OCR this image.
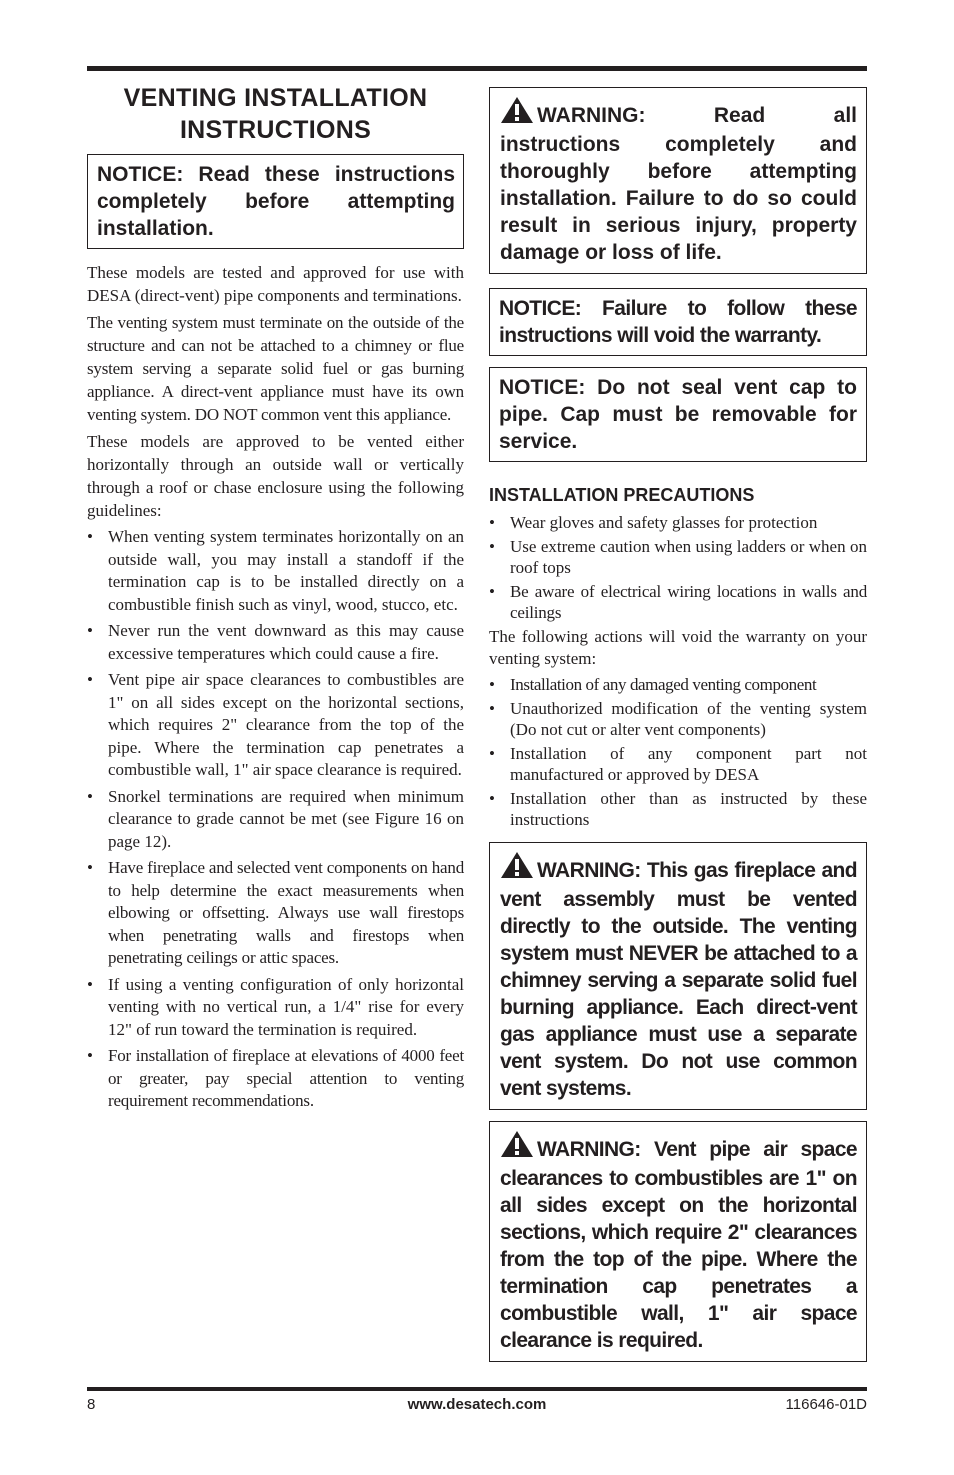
VENTING INSTALLATION INSTRUCTIONS
NOTICE: Read these instructions completely before attempting installation.

These models are tested and approved for use with DESA (direct-vent) pipe components and terminations.

The venting system must terminate on the outside of the structure and can not be attached to a chimney or flue system serving a separate solid fuel or gas burning appliance. A direct-vent appliance must have its own venting system. DO NOT common vent this appliance.

These models are approved to be vented either horizontally through an outside wall or vertically through a roof or chase enclosure using the following guidelines:

• When venting system terminates horizontally on an outside wall, you may install a standoff if the termination cap is to be installed directly on a combustible finish such as vinyl, wood, stucco, etc.
• Never run the vent downward as this may cause excessive temperatures which could cause a fire.
• Vent pipe air space clearances to combustibles are 1" on all sides except on the horizontal sections, which requires 2" clearance from the top of the pipe. Where the termination cap penetrates a combustible wall, 1" air space clearance is required.
• Snorkel terminations are required when minimum clearance to grade cannot be met (see Figure 16 on page 12).
• Have fireplace and selected vent components on hand to help determine the exact measurements when elbowing or offsetting. Always use wall firestops when penetrating walls and firestops when penetrating ceilings or attic spaces.
• If using a venting configuration of only horizontal venting with no vertical run, a 1/4" rise for every 12" of run toward the termination is required.
• For installation of fireplace at elevations of 4000 feet or greater, pay special attention to venting requirement recommendations.
WARNING: Read all instructions completely and thoroughly before attempting installation. Failure to do so could result in serious injury, property damage or loss of life.
NOTICE: Failure to follow these instructions will void the warranty.
NOTICE: Do not seal vent cap to pipe. Cap must be removable for service.
INSTALLATION PRECAUTIONS
• Wear gloves and safety glasses for protection
• Use extreme caution when using ladders or when on roof tops
• Be aware of electrical wiring locations in walls and ceilings

The following actions will void the warranty on your venting system:

• Installation of any damaged venting component
• Unauthorized modification of the venting system (Do not cut or alter vent components)
• Installation of any component part not manufactured or approved by DESA
• Installation other than as instructed by these instructions
WARNING: This gas fireplace and vent assembly must be vented directly to the outside. The venting system must NEVER be attached to a chimney serving a separate solid fuel burning appliance. Each direct-vent gas appliance must use a separate vent system. Do not use common vent systems.
WARNING: Vent pipe air space clearances to combustibles are 1" on all sides except on the horizontal sections, which require 2" clearances from the top of the pipe. Where the termination cap penetrates a combustible wall, 1" air space clearance is required.
8	www.desatech.com	116646-01D
